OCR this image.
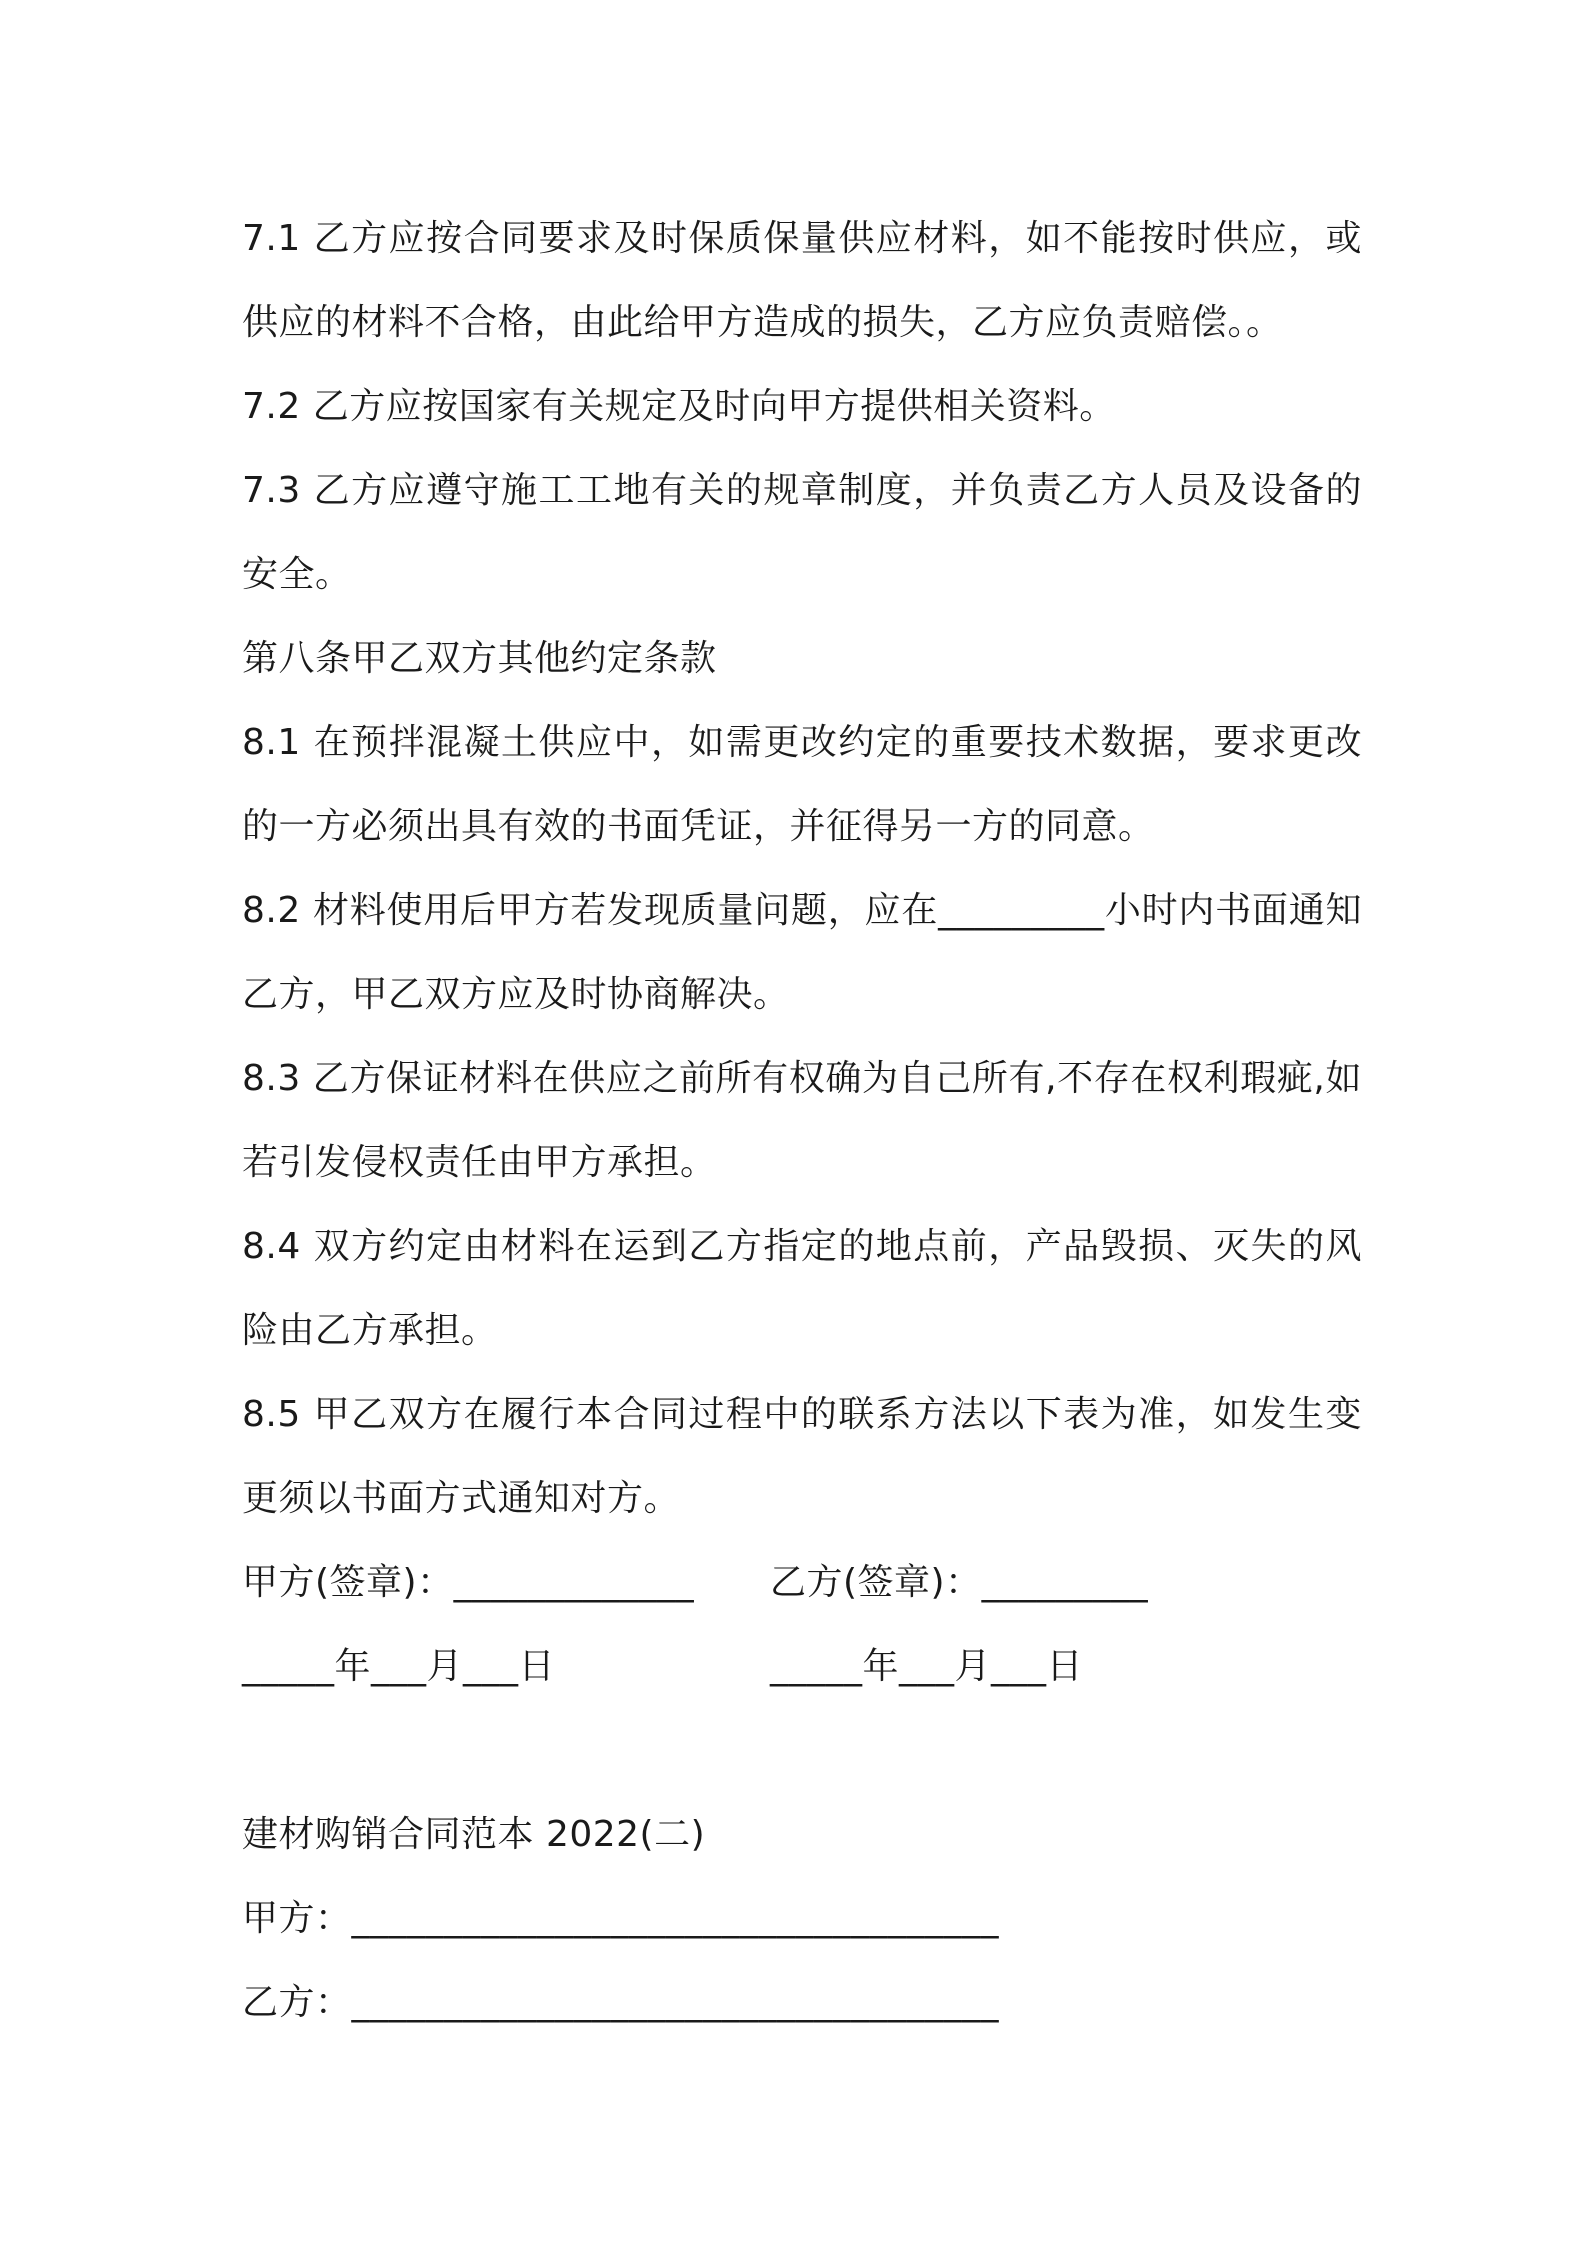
7.1 乙方应按合同要求及时保质保量供应材料，如不能按时供应，或供应的材料不合格，由此给甲方造成的损失，乙方应负责赔偿。。

7.2 乙方应按国家有关规定及时向甲方提供相关资料。

7.3 乙方应遵守施工工地有关的规章制度，并负责乙方人员及设备的安全。

第八条甲乙双方其他约定条款

8.1 在预拌混凝土供应中，如需更改约定的重要技术数据，要求更改的一方必须出具有效的书面凭证，并征得另一方的同意。

8.2 材料使用后甲方若发现质量问题，应在_________小时内书面通知乙方，甲乙双方应及时协商解决。

8.3 乙方保证材料在供应之前所有权确为自己所有,不存在权利瑕疵,如若引发侵权责任由甲方承担。

8.4 双方约定由材料在运到乙方指定的地点前，产品毁损、灭失的风险由乙方承担。

8.5 甲乙双方在履行本合同过程中的联系方法以下表为准，如发生变更须以书面方式通知对方。

甲方(签章)：_____________	乙方(签章)：_________
_____年___月___日	_____年___月___日

建材购销合同范本 2022(二)

甲方：___________________________________

乙方：___________________________________
